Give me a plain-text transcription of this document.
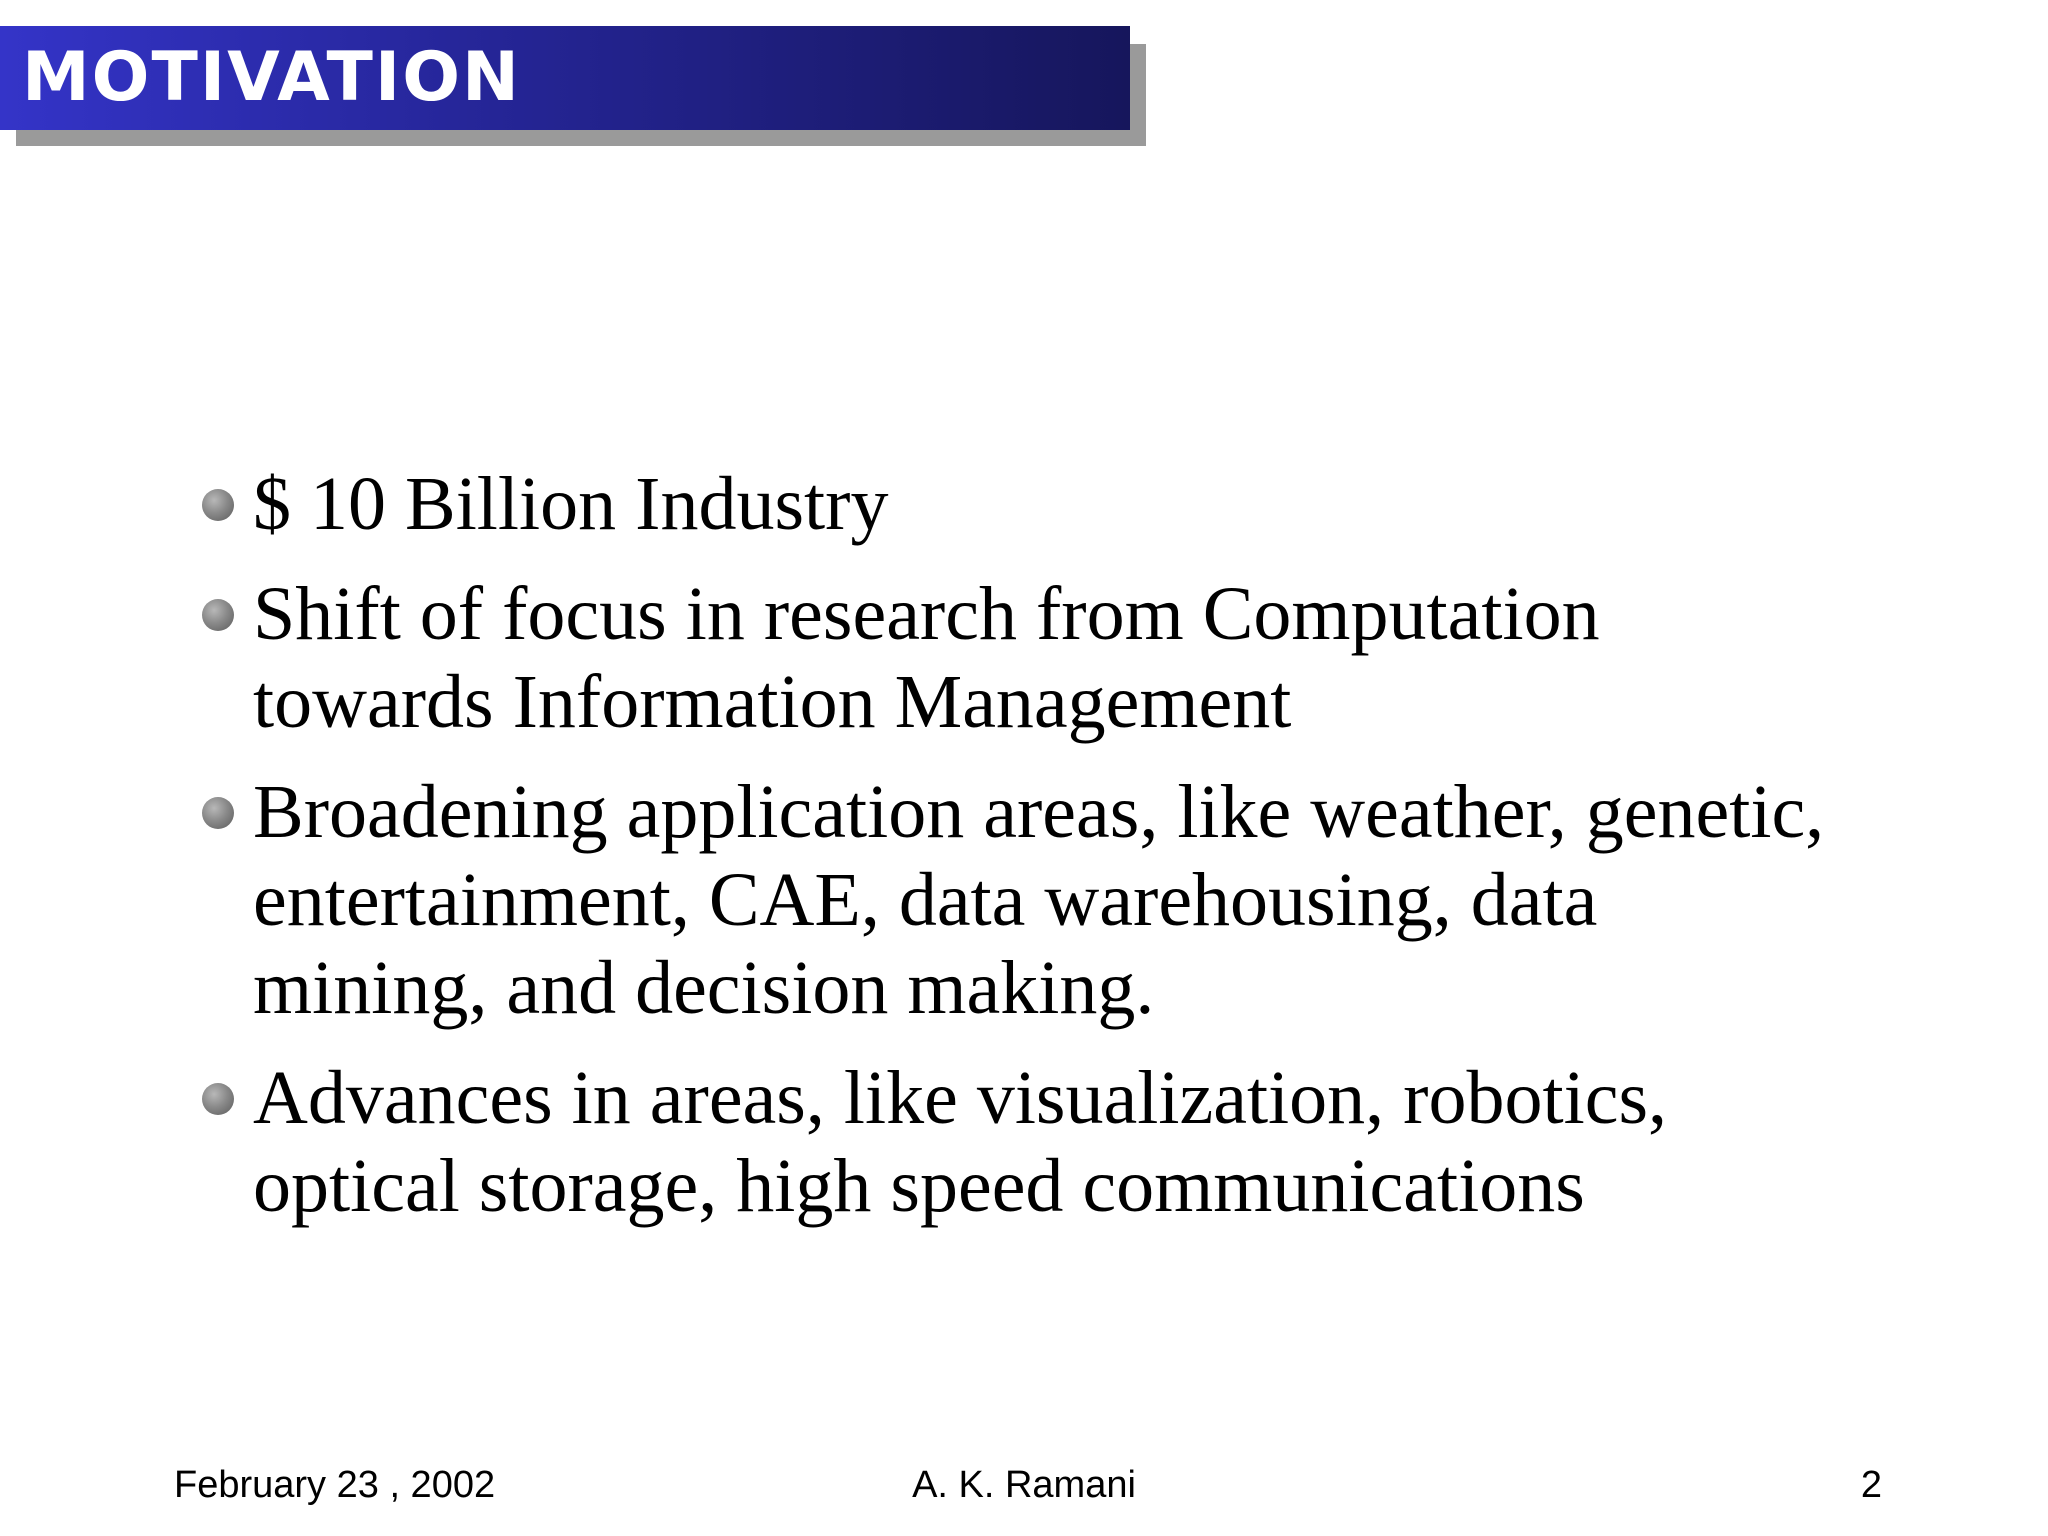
MOTIVATION
$ 10 Billion Industry
Shift of focus in research from Computation towards Information Management
Broadening application areas, like weather, genetic, entertainment, CAE, data warehousing, data mining, and decision making.
Advances in areas, like visualization, robotics, optical storage, high speed communications
February 23 , 2002	A. K. Ramani	2
